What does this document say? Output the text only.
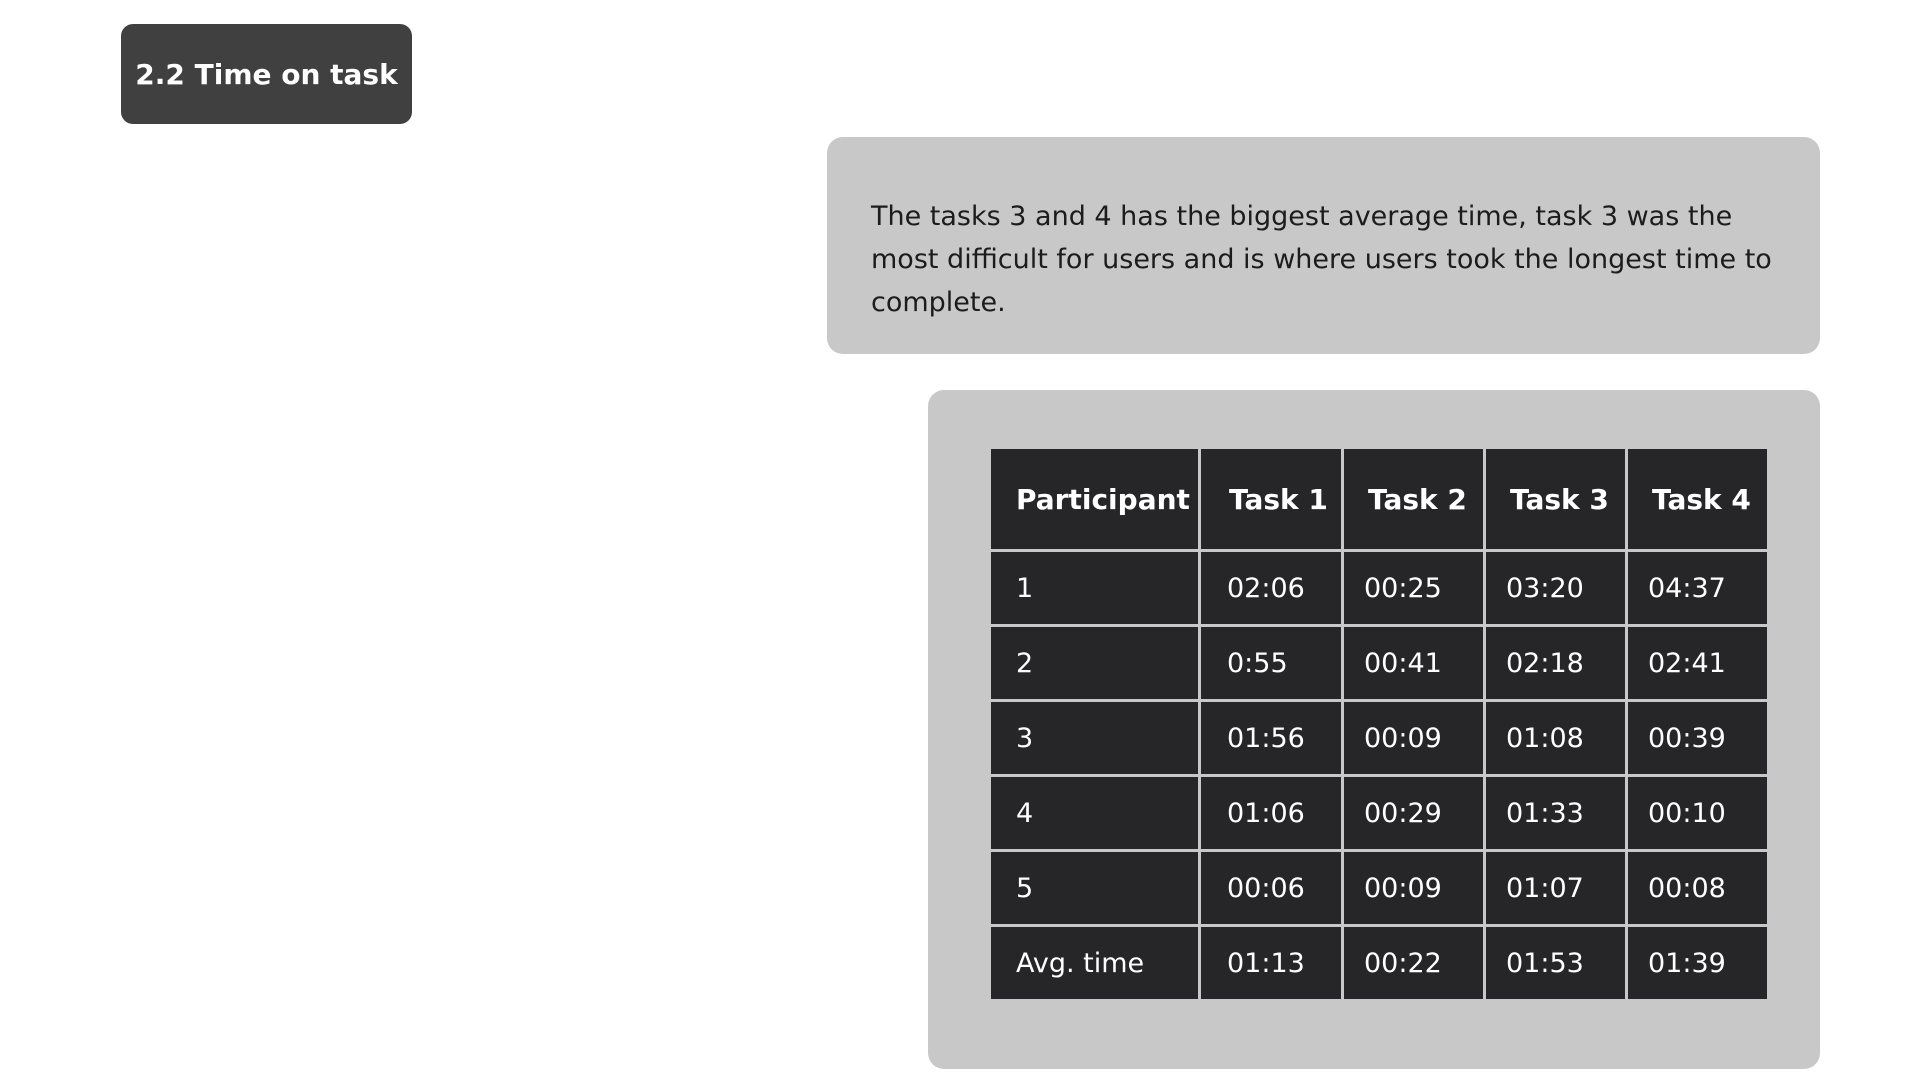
2.2 Time on task
The tasks 3 and 4 has the biggest average time, task 3 was the most difficult for users and is where users took the longest time to complete.
Participant	Task 1	Task 2	Task 3	Task 4
1	02:06	00:25	03:20	04:37
2	0:55	00:41	02:18	02:41
3	01:56	00:09	01:08	00:39
4	01:06	00:29	01:33	00:10
5	00:06	00:09	01:07	00:08
Avg. time	01:13	00:22	01:53	01:39
